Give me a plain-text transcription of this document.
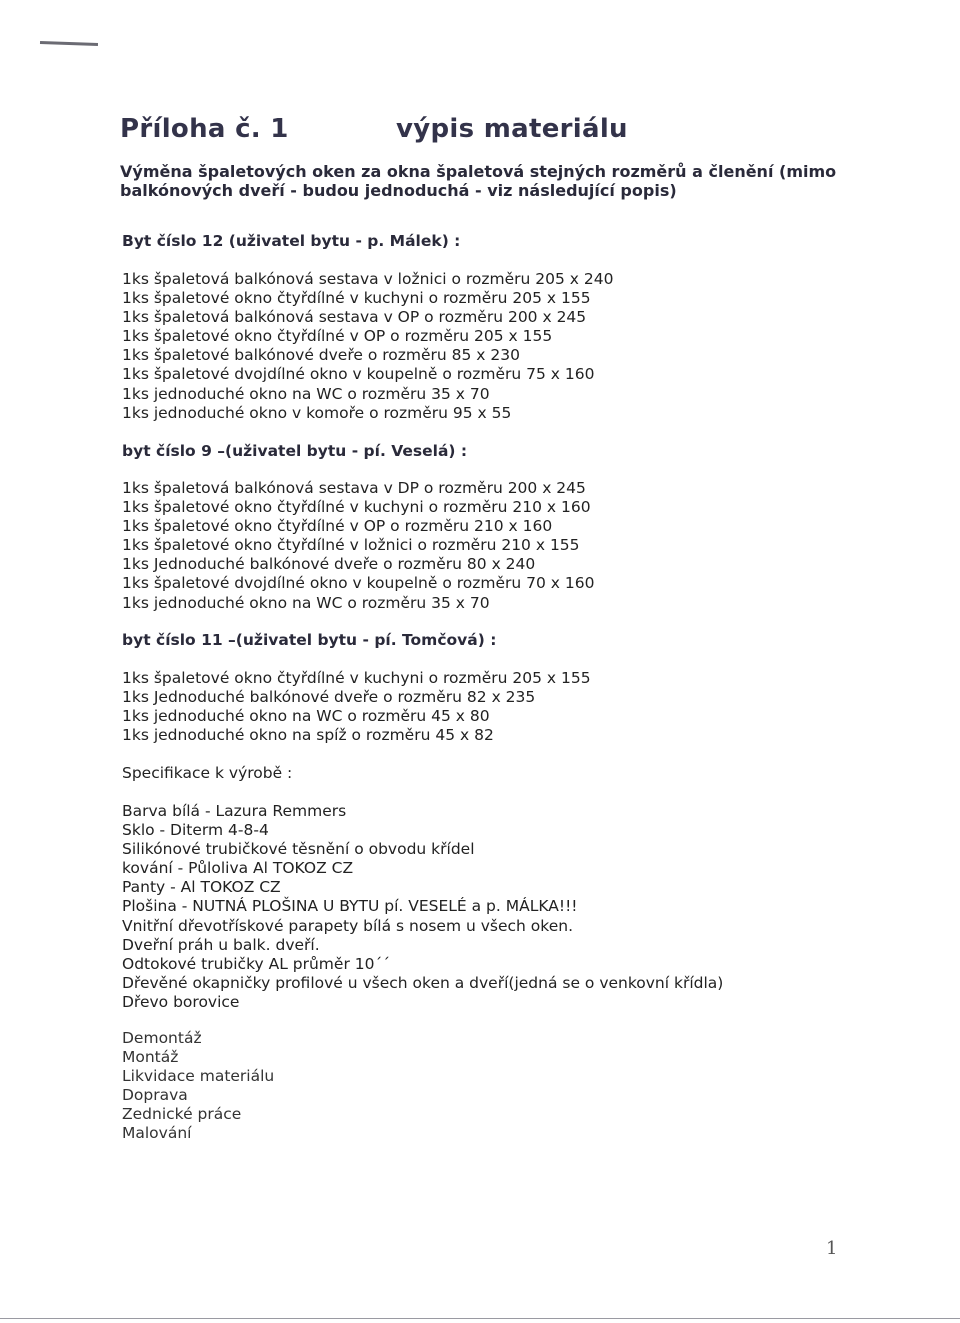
Příloha č. 1	výpis materiálu
Výměna špaletových oken za okna špaletová stejných rozměrů a členění (mimo balkónových dveří - budou jednoduchá - viz následující popis)
Byt číslo 12 (uživatel bytu - p. Málek) :
1ks špaletová balkónová sestava v ložnici o rozměru 205 x 240
1ks špaletové okno čtyřdílné v kuchyni o rozměru 205 x 155
1ks špaletová balkónová sestava v OP o rozměru 200 x 245
1ks špaletové okno čtyřdílné v OP o rozměru 205 x 155
1ks špaletové balkónové dveře o rozměru 85 x 230
1ks špaletové dvojdílné okno v koupelně o rozměru 75 x 160
1ks jednoduché okno na WC o rozměru 35 x 70
1ks jednoduché okno v komoře o rozměru 95 x 55
byt číslo 9 –(uživatel bytu - pí. Veselá) :
1ks špaletová balkónová sestava v DP o rozměru 200 x 245
1ks špaletové okno čtyřdílné v kuchyni o rozměru 210 x 160
1ks špaletové okno čtyřdílné v OP o rozměru 210 x 160
1ks špaletové okno čtyřdílné v ložnici o rozměru 210 x 155
1ks Jednoduché balkónové dveře o rozměru 80 x 240
1ks špaletové dvojdílné okno v koupelně o rozměru 70 x 160
1ks jednoduché okno na WC o rozměru 35 x 70
byt číslo 11 –(uživatel bytu - pí. Tomčová) :
1ks špaletové okno čtyřdílné v kuchyni o rozměru 205 x 155
1ks Jednoduché balkónové dveře o rozměru 82 x 235
1ks jednoduché okno na WC o rozměru 45 x 80
1ks jednoduché okno na spíž o rozměru 45 x 82
Specifikace k výrobě :
Barva bílá - Lazura Remmers
Sklo - Diterm 4-8-4
Silikónové trubičkové těsnění o obvodu křídel
kování - Půloliva Al TOKOZ CZ
Panty - Al TOKOZ CZ
Plošina - NUTNÁ PLOŠINA U BYTU pí. VESELÉ a p. MÁLKA!!!
Vnitřní dřevotřískové parapety bílá s nosem u všech oken.
Dveřní práh u balk. dveří.
Odtokové trubičky AL průměr 10´´
Dřevěné okapničky profilové u všech oken a dveří(jedná se o venkovní křídla)
Dřevo borovice
Demontáž
Montáž
Likvidace materiálu
Doprava
Zednické práce
Malování
1
